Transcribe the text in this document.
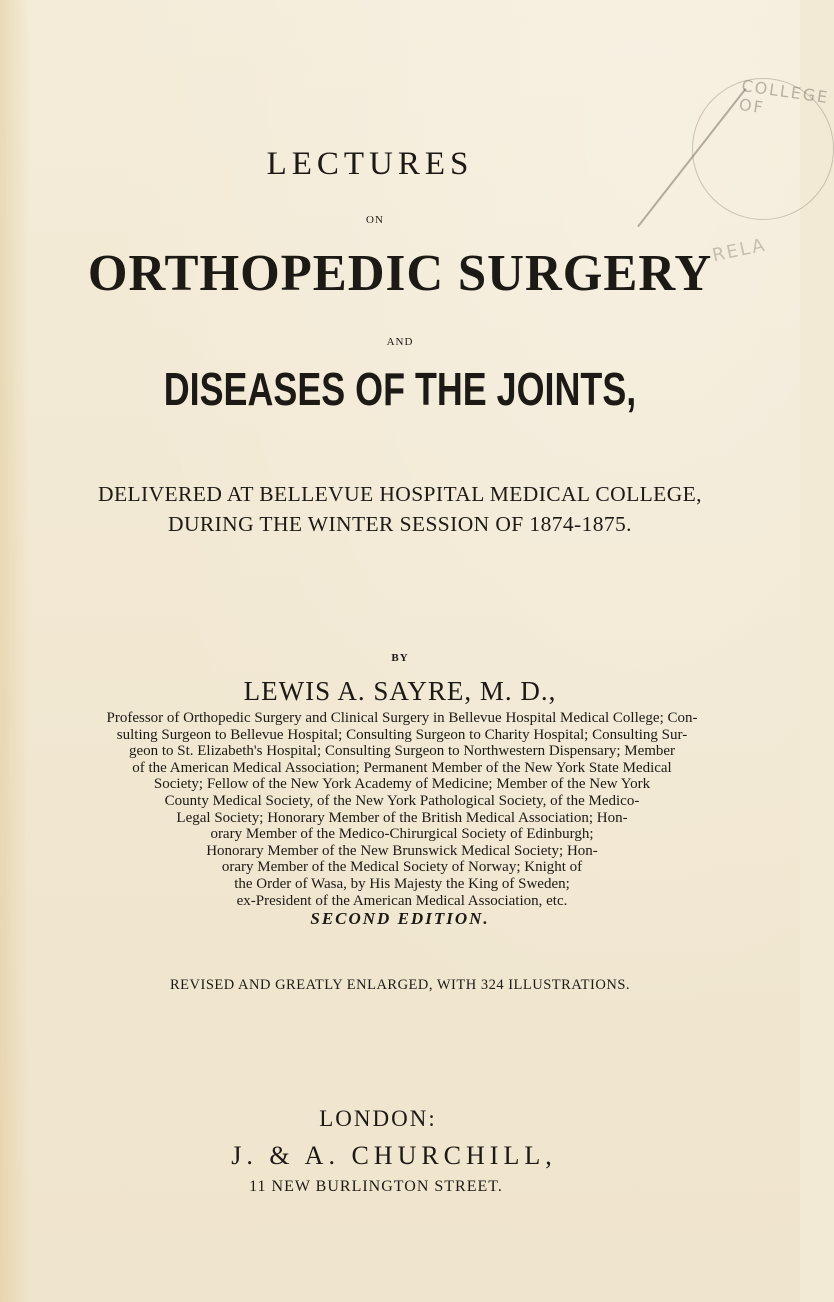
COLLEGE OF
RELA
LECTURES
ON
ORTHOPEDIC SURGERY
AND
DISEASES OF THE JOINTS,
DELIVERED AT BELLEVUE HOSPITAL MEDICAL COLLEGE,
DURING THE WINTER SESSION OF 1874-1875.
BY
LEWIS A. SAYRE, M. D.,
Professor of Orthopedic Surgery and Clinical Surgery in Bellevue Hospital Medical College; Con-
sulting Surgeon to Bellevue Hospital; Consulting Surgeon to Charity Hospital; Consulting Sur-
geon to St. Elizabeth's Hospital; Consulting Surgeon to Northwestern Dispensary; Member
of the American Medical Association; Permanent Member of the New York State Medical
Society; Fellow of the New York Academy of Medicine; Member of the New York
County Medical Society, of the New York Pathological Society, of the Medico-
Legal Society; Honorary Member of the British Medical Association; Hon-
orary Member of the Medico-Chirurgical Society of Edinburgh;
Honorary Member of the New Brunswick Medical Society; Hon-
orary Member of the Medical Society of Norway; Knight of
the Order of Wasa, by His Majesty the King of Sweden;
ex-President of the American Medical Association, etc.
SECOND EDITION.
REVISED AND GREATLY ENLARGED, WITH 324 ILLUSTRATIONS.
LONDON:
J. & A. CHURCHILL,
11 NEW BURLINGTON STREET.
